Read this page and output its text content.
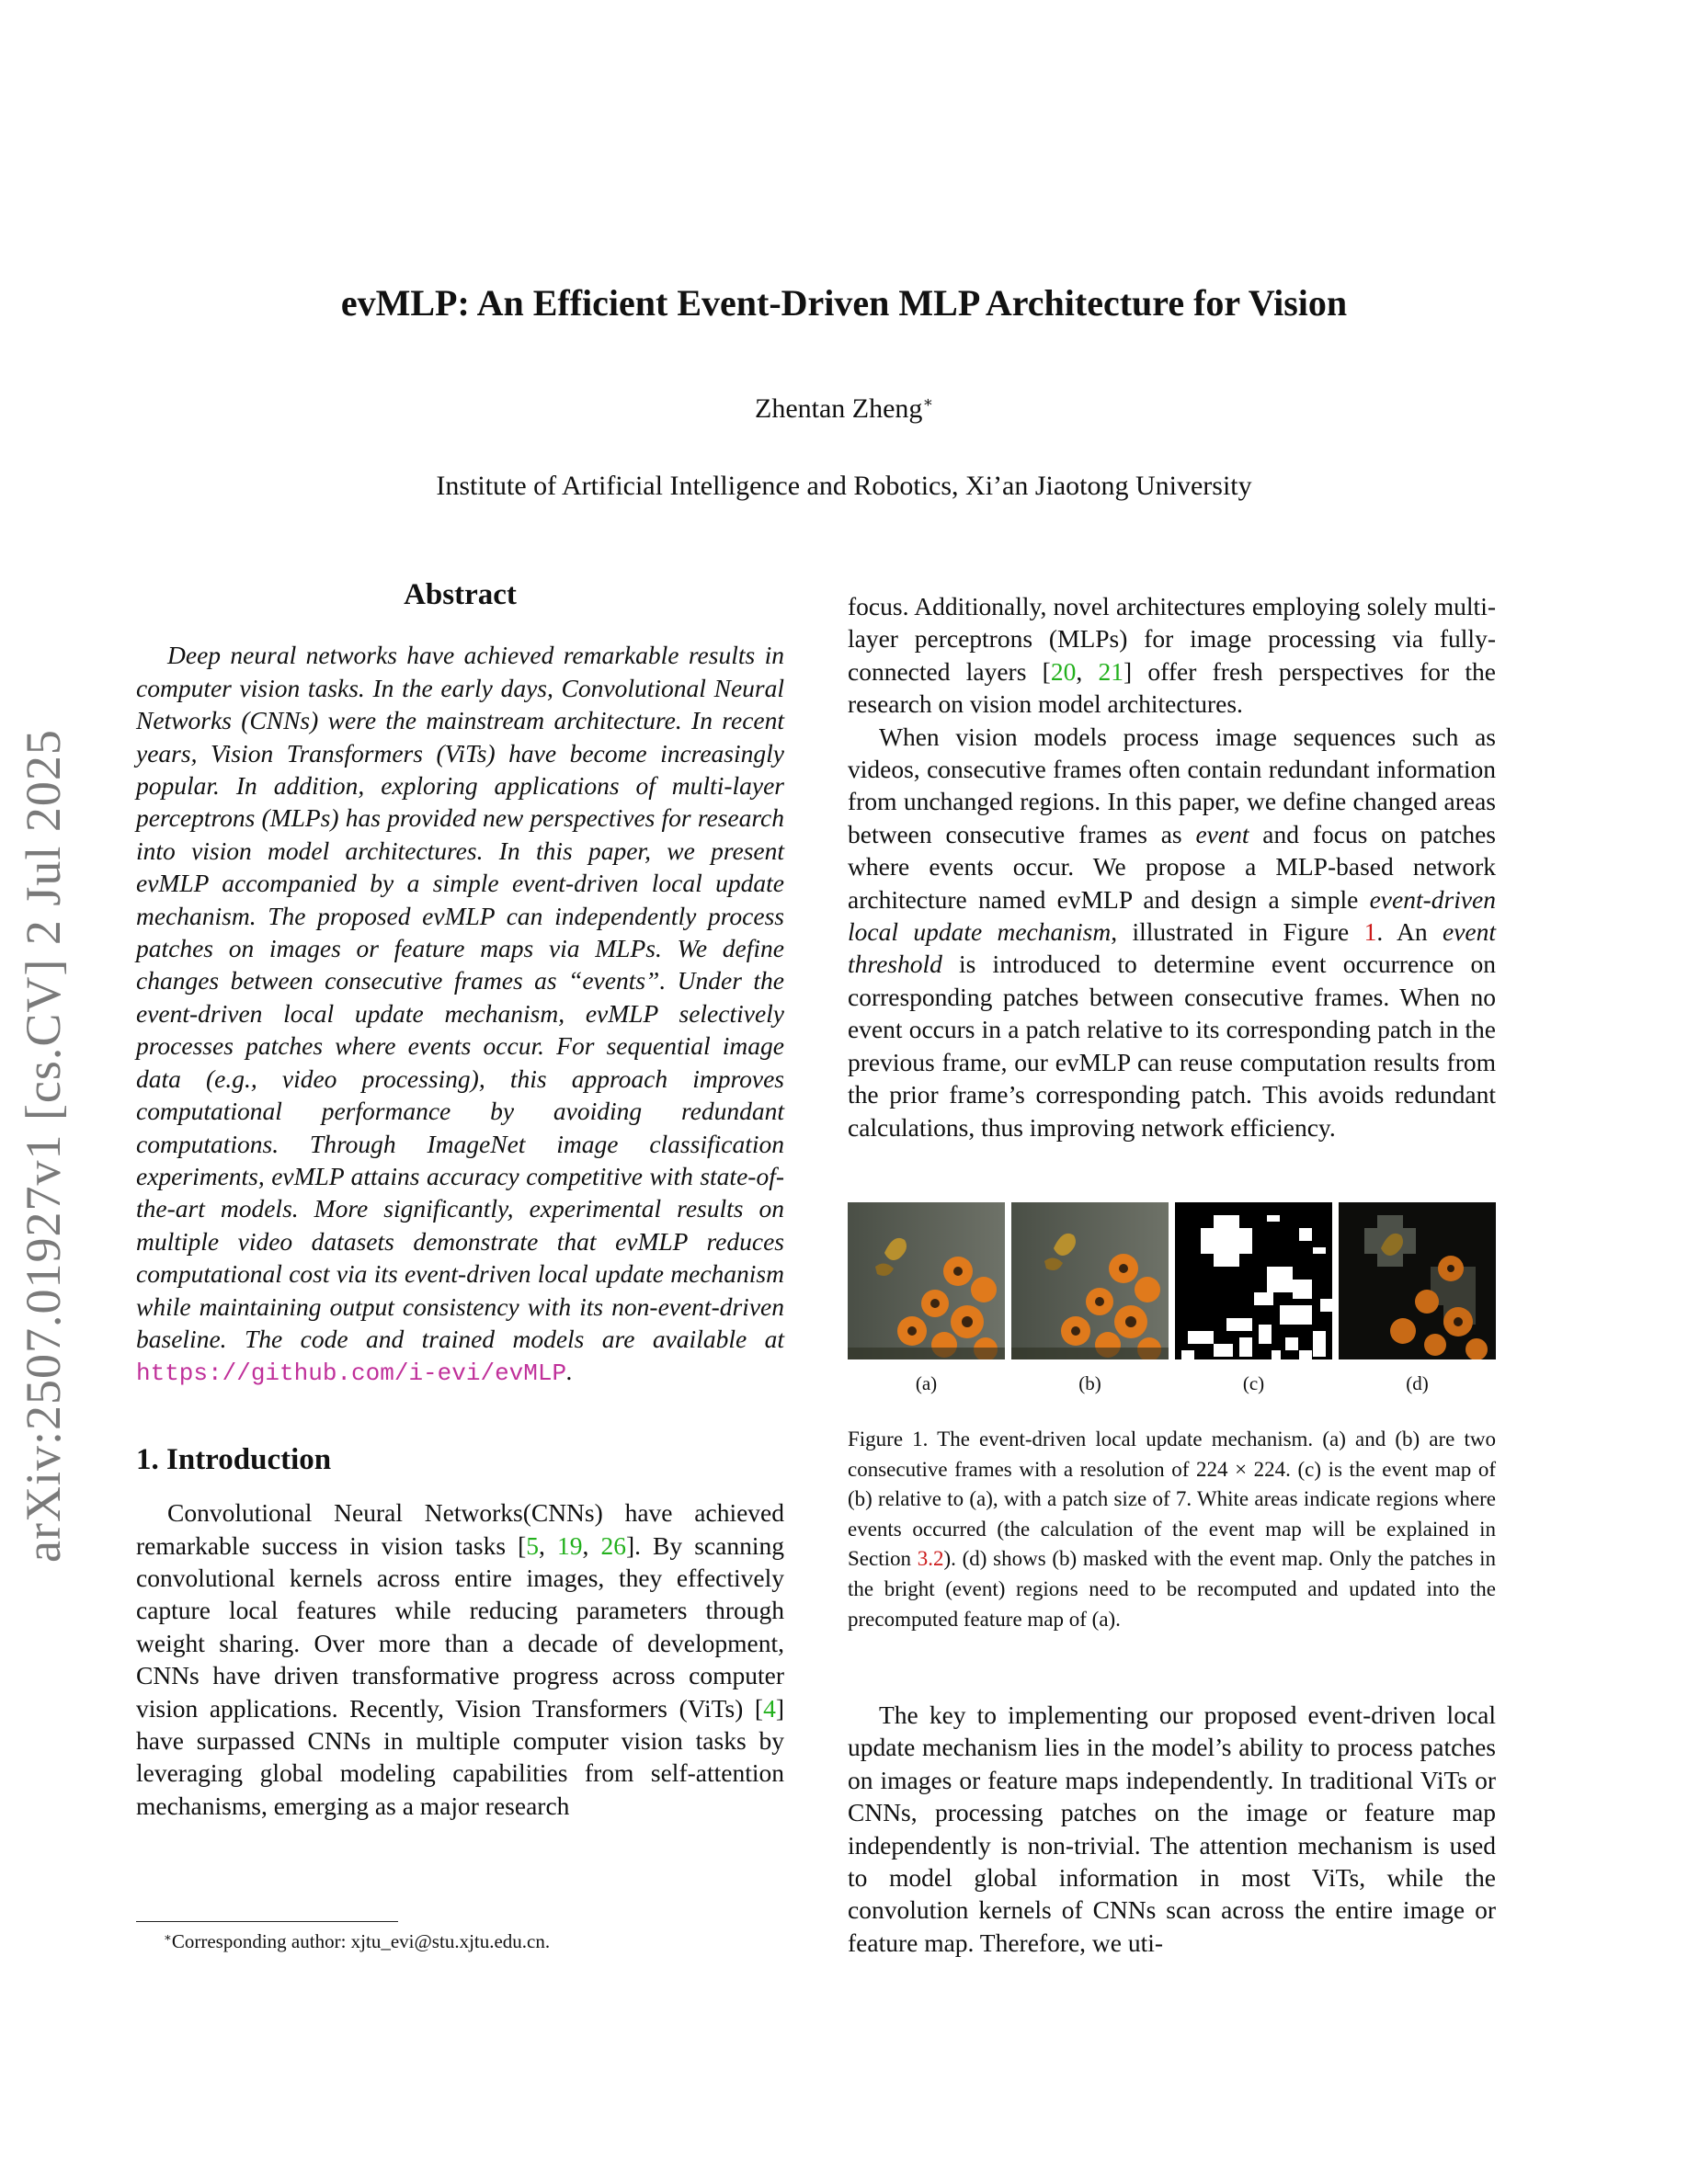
arXiv:2507.01927v1 [cs.CV] 2 Jul 2025
evMLP: An Efficient Event-Driven MLP Architecture for Vision
Zhentan Zheng∗
Institute of Artificial Intelligence and Robotics, Xi’an Jiaotong University
Abstract

Deep neural networks have achieved remarkable results in computer vision tasks. In the early days, Convolutional Neural Networks (CNNs) were the mainstream architecture. In recent years, Vision Transformers (ViTs) have become increasingly popular. In addition, exploring applications of multi-layer perceptrons (MLPs) has provided new perspectives for research into vision model architectures. In this paper, we present evMLP accompanied by a simple event-driven local update mechanism. The proposed evMLP can independently process patches on images or feature maps via MLPs. We define changes between consecutive frames as “events”. Under the event-driven local update mechanism, evMLP selectively processes patches where events occur. For sequential image data (e.g., video processing), this approach improves computational performance by avoiding redundant computations. Through ImageNet image classification experiments, evMLP attains accuracy competitive with state-of-the-art models. More significantly, experimental results on multiple video datasets demonstrate that evMLP reduces computational cost via its event-driven local update mechanism while maintaining output consistency with its non-event-driven baseline. The code and trained models are available at https://github.com/i-evi/evMLP.

1. Introduction

Convolutional Neural Networks(CNNs) have achieved remarkable success in vision tasks [5, 19, 26]. By scanning convolutional kernels across entire images, they effectively capture local features while reducing parameters through weight sharing. Over more than a decade of development, CNNs have driven transformative progress across computer vision applications. Recently, Vision Transformers (ViTs) [4] have surpassed CNNs in multiple computer vision tasks by leveraging global modeling capabilities from self-attention mechanisms, emerging as a major research

∗Corresponding author: xjtu_evi@stu.xjtu.edu.cn.

focus. Additionally, novel architectures employing solely multi-layer perceptrons (MLPs) for image processing via fully-connected layers [20, 21] offer fresh perspectives for the research on vision model architectures.

When vision models process image sequences such as videos, consecutive frames often contain redundant information from unchanged regions. In this paper, we define changed areas between consecutive frames as event and focus on patches where events occur. We propose a MLP-based network architecture named evMLP and design a simple event-driven local update mechanism, illustrated in Figure 1. An event threshold is introduced to determine event occurrence on corresponding patches between consecutive frames. When no event occurs in a patch relative to its corresponding patch in the previous frame, our evMLP can reuse computation results from the prior frame’s corresponding patch. This avoids redundant calculations, thus improving network efficiency.

(a)	(b)	(c)	(d)
Figure 1. The event-driven local update mechanism. (a) and (b) are two consecutive frames with a resolution of 224 × 224. (c) is the event map of (b) relative to (a), with a patch size of 7. White areas indicate regions where events occurred (the calculation of the event map will be explained in Section 3.2). (d) shows (b) masked with the event map. Only the patches in the bright (event) regions need to be recomputed and updated into the precomputed feature map of (a).

The key to implementing our proposed event-driven local update mechanism lies in the model’s ability to process patches on images or feature maps independently. In traditional ViTs or CNNs, processing patches on the image or feature map independently is non-trivial. The attention mechanism is used to model global information in most ViTs, while the convolution kernels of CNNs scan across the entire image or feature map. Therefore, we uti-
